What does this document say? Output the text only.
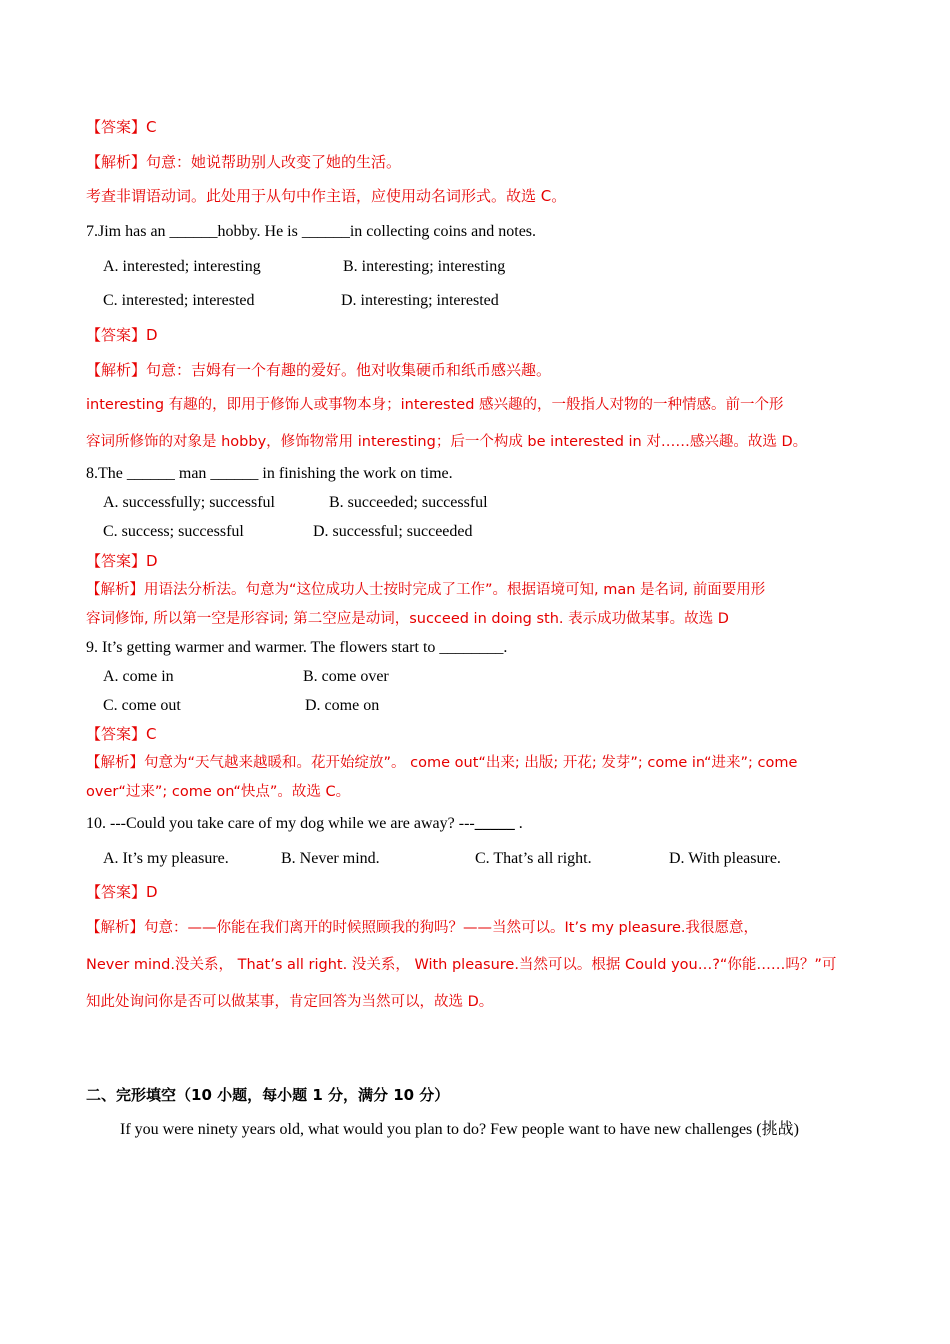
【答案】C
【解析】句意：她说帮助别人改变了她的生活。
考查非谓语动词。此处用于从句中作主语，应使用动名词形式。故选 C。
7.Jim has an ______hobby. He is ______in collecting coins and notes.
A. interested; interesting	B. interesting; interesting
C. interested; interested	D. interesting; interested
【答案】D
【解析】句意：吉姆有一个有趣的爱好。他对收集硬币和纸币感兴趣。
interesting 有趣的，即用于修饰人或事物本身；interested 感兴趣的，一般指人对物的一种情感。前一个形
容词所修饰的对象是 hobby，修饰物常用 interesting；后一个构成 be interested in 对……感兴趣。故选 D。
8.The ______ man ______ in finishing the work on time.
A. successfully; successful	B. succeeded; successful
C. success; successful	D. successful; succeeded
【答案】D
【解析】用语法分析法。句意为“这位成功人士按时完成了工作”。根据语境可知, man 是名词, 前面要用形
容词修饰, 所以第一空是形容词; 第二空应是动词，succeed in doing sth. 表示成功做某事。故选 D
9. It’s getting warmer and warmer. The flowers start to ________.
A. come in	B. come over
C. come out	D. come on
【答案】C
【解析】句意为“天气越来越暖和。花开始绽放”。 come out“出来; 出版; 开花; 发芽”; come in“进来”; come
over“过来”; come on“快点”。故选 C。
10. ---Could you take care of my dog while we are away? ---_____ .
A. It’s my pleasure.	B. Never mind.	C. That’s all right.	D. With pleasure.
【答案】D
【解析】句意：——你能在我们离开的时候照顾我的狗吗？——当然可以。It’s my pleasure.我很愿意，
Never mind.没关系， That’s all right. 没关系， With pleasure.当然可以。根据 Could you…?“你能……吗？”可
知此处询问你是否可以做某事，肯定回答为当然可以，故选 D。
二、完形填空（10 小题，每小题 1 分，满分 10 分）
If you were ninety years old, what would you plan to do? Few people want to have new challenges (挑战)
